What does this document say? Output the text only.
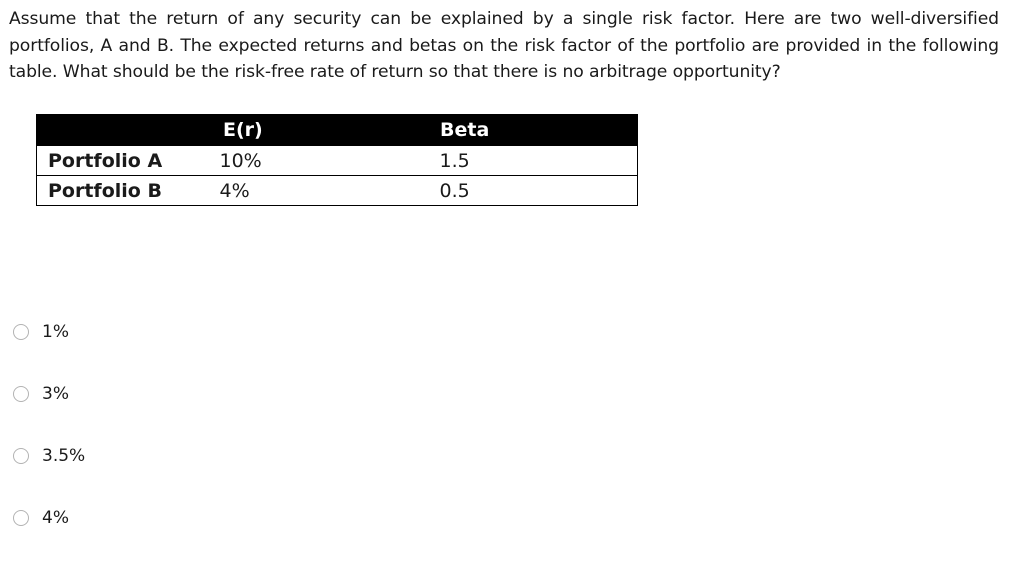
Assume that the return of any security can be explained by a single risk factor. Here are two well-diversified portfolios, A and B. The expected returns and betas on the risk factor of the portfolio are provided in the following table. What should be the risk-free rate of return so that there is no arbitrage opportunity?
	E(r)	Beta
Portfolio A	10%	1.5
Portfolio B	4%	0.5
1%
3%
3.5%
4%
